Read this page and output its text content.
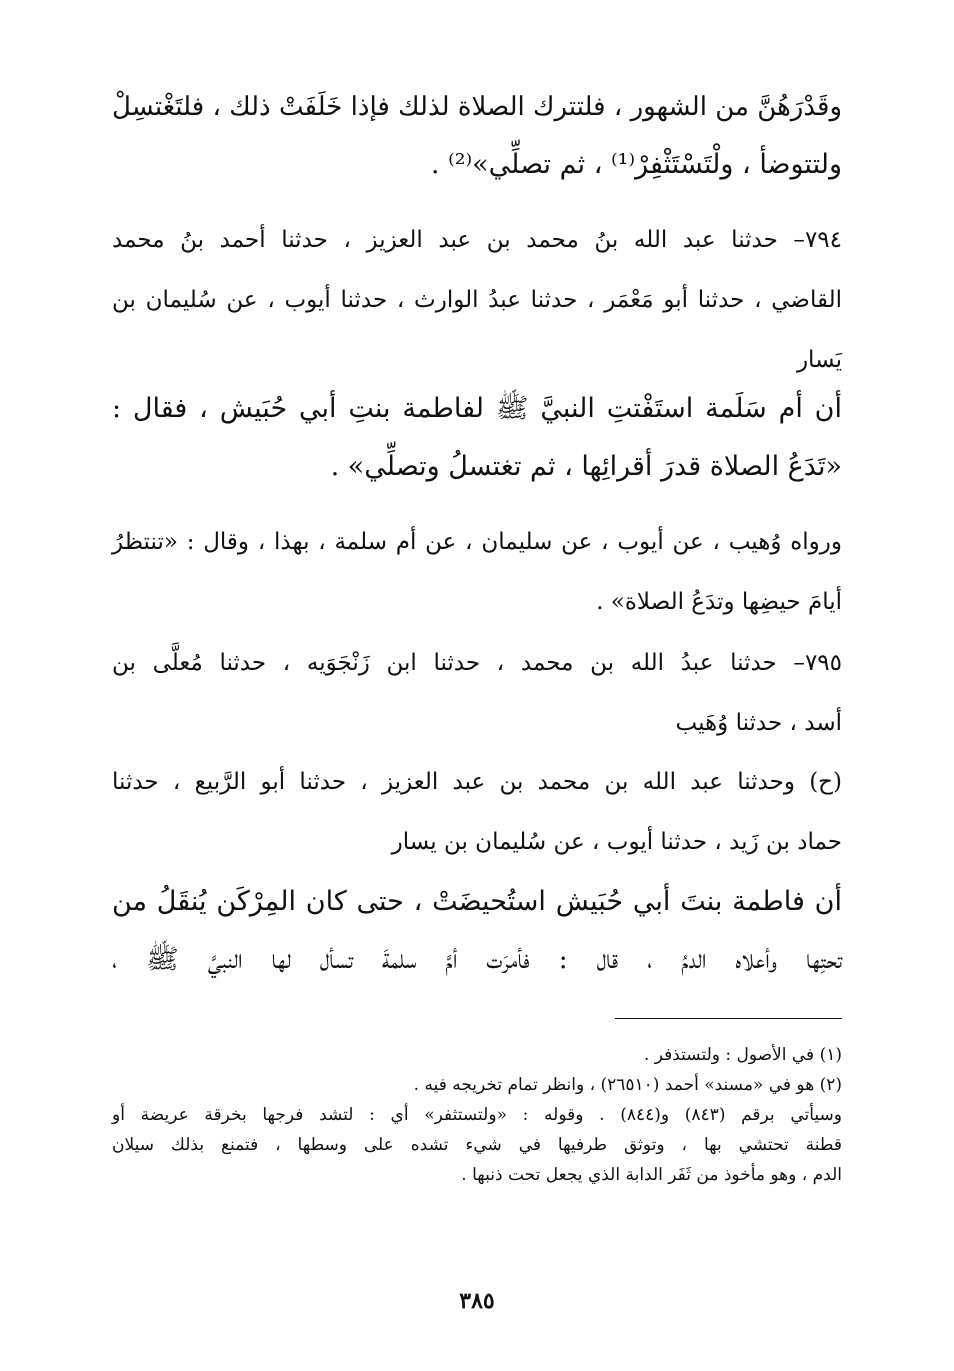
وقَدْرَهُنَّ من الشهور ، فلتترك الصلاة لذلك فإذا خَلَفَتْ ذلك ، فلتَغْتسِلْ
ولتتوضأ ، ولْتَسْتَثْفِرْ⁽¹⁾ ، ثم تصلِّي»⁽²⁾ .
٧٩٤– حدثنا عبد الله بنُ محمد بن عبد العزيز ، حدثنا أحمد بنُ محمد
القاضي ، حدثنا أبو مَعْمَر ، حدثنا عبدُ الوارث ، حدثنا أيوب ، عن سُليمان بن
يَسار
أن أم سَلَمة استَفْتتِ النبيَّ ﷺ لفاطمة بنتِ أبي حُبَيش ، فقال :
«تَدَعُ الصلاة قدرَ أقرائِها ، ثم تغتسلُ وتصلِّي» .
ورواه وُهيب ، عن أيوب ، عن سليمان ، عن أم سلمة ، بهذا ، وقال : «تنتظرُ
أيامَ حيضِها وتدَعُ الصلاة» .
٧٩٥– حدثنا عبدُ الله بن محمد ، حدثنا ابن زَنْجَوَيه ، حدثنا مُعلَّى بن
أسد ، حدثنا وُهَيب
(ح) وحدثنا عبد الله بن محمد بن عبد العزيز ، حدثنا أبو الرَّبيع ، حدثنا
حماد بن زَيد ، حدثنا أيوب ، عن سُليمان بن يسار
أن فاطمة بنتَ أبي حُبَيش استُحيضَتْ ، حتى كان المِرْكَن يُنقَلُ من
تحتِها وأعلاه الدمُ ، قال : فأمرَت أمَّ سلمةَ تسأل لها النبيَّ ﷺ ،
(١) في الأصول : ولتستذفر .
(٢) هو في «مسند» أحمد (٢٦٥١٠) ، وانظر تمام تخريجه فيه .
وسيأتي برقم (٨٤٣) و(٨٤٤) . وقوله : «ولتستثفر» أي : لتشد فرجها بخرقة عريضة أو
قطنة تحتشي بها ، وتوثق طرفيها في شيء تشده على وسطها ، فتمنع بذلك سيلان
الدم ، وهو مأخوذ من ثَفَر الدابة الذي يجعل تحت ذنبها .
٣٨٥
